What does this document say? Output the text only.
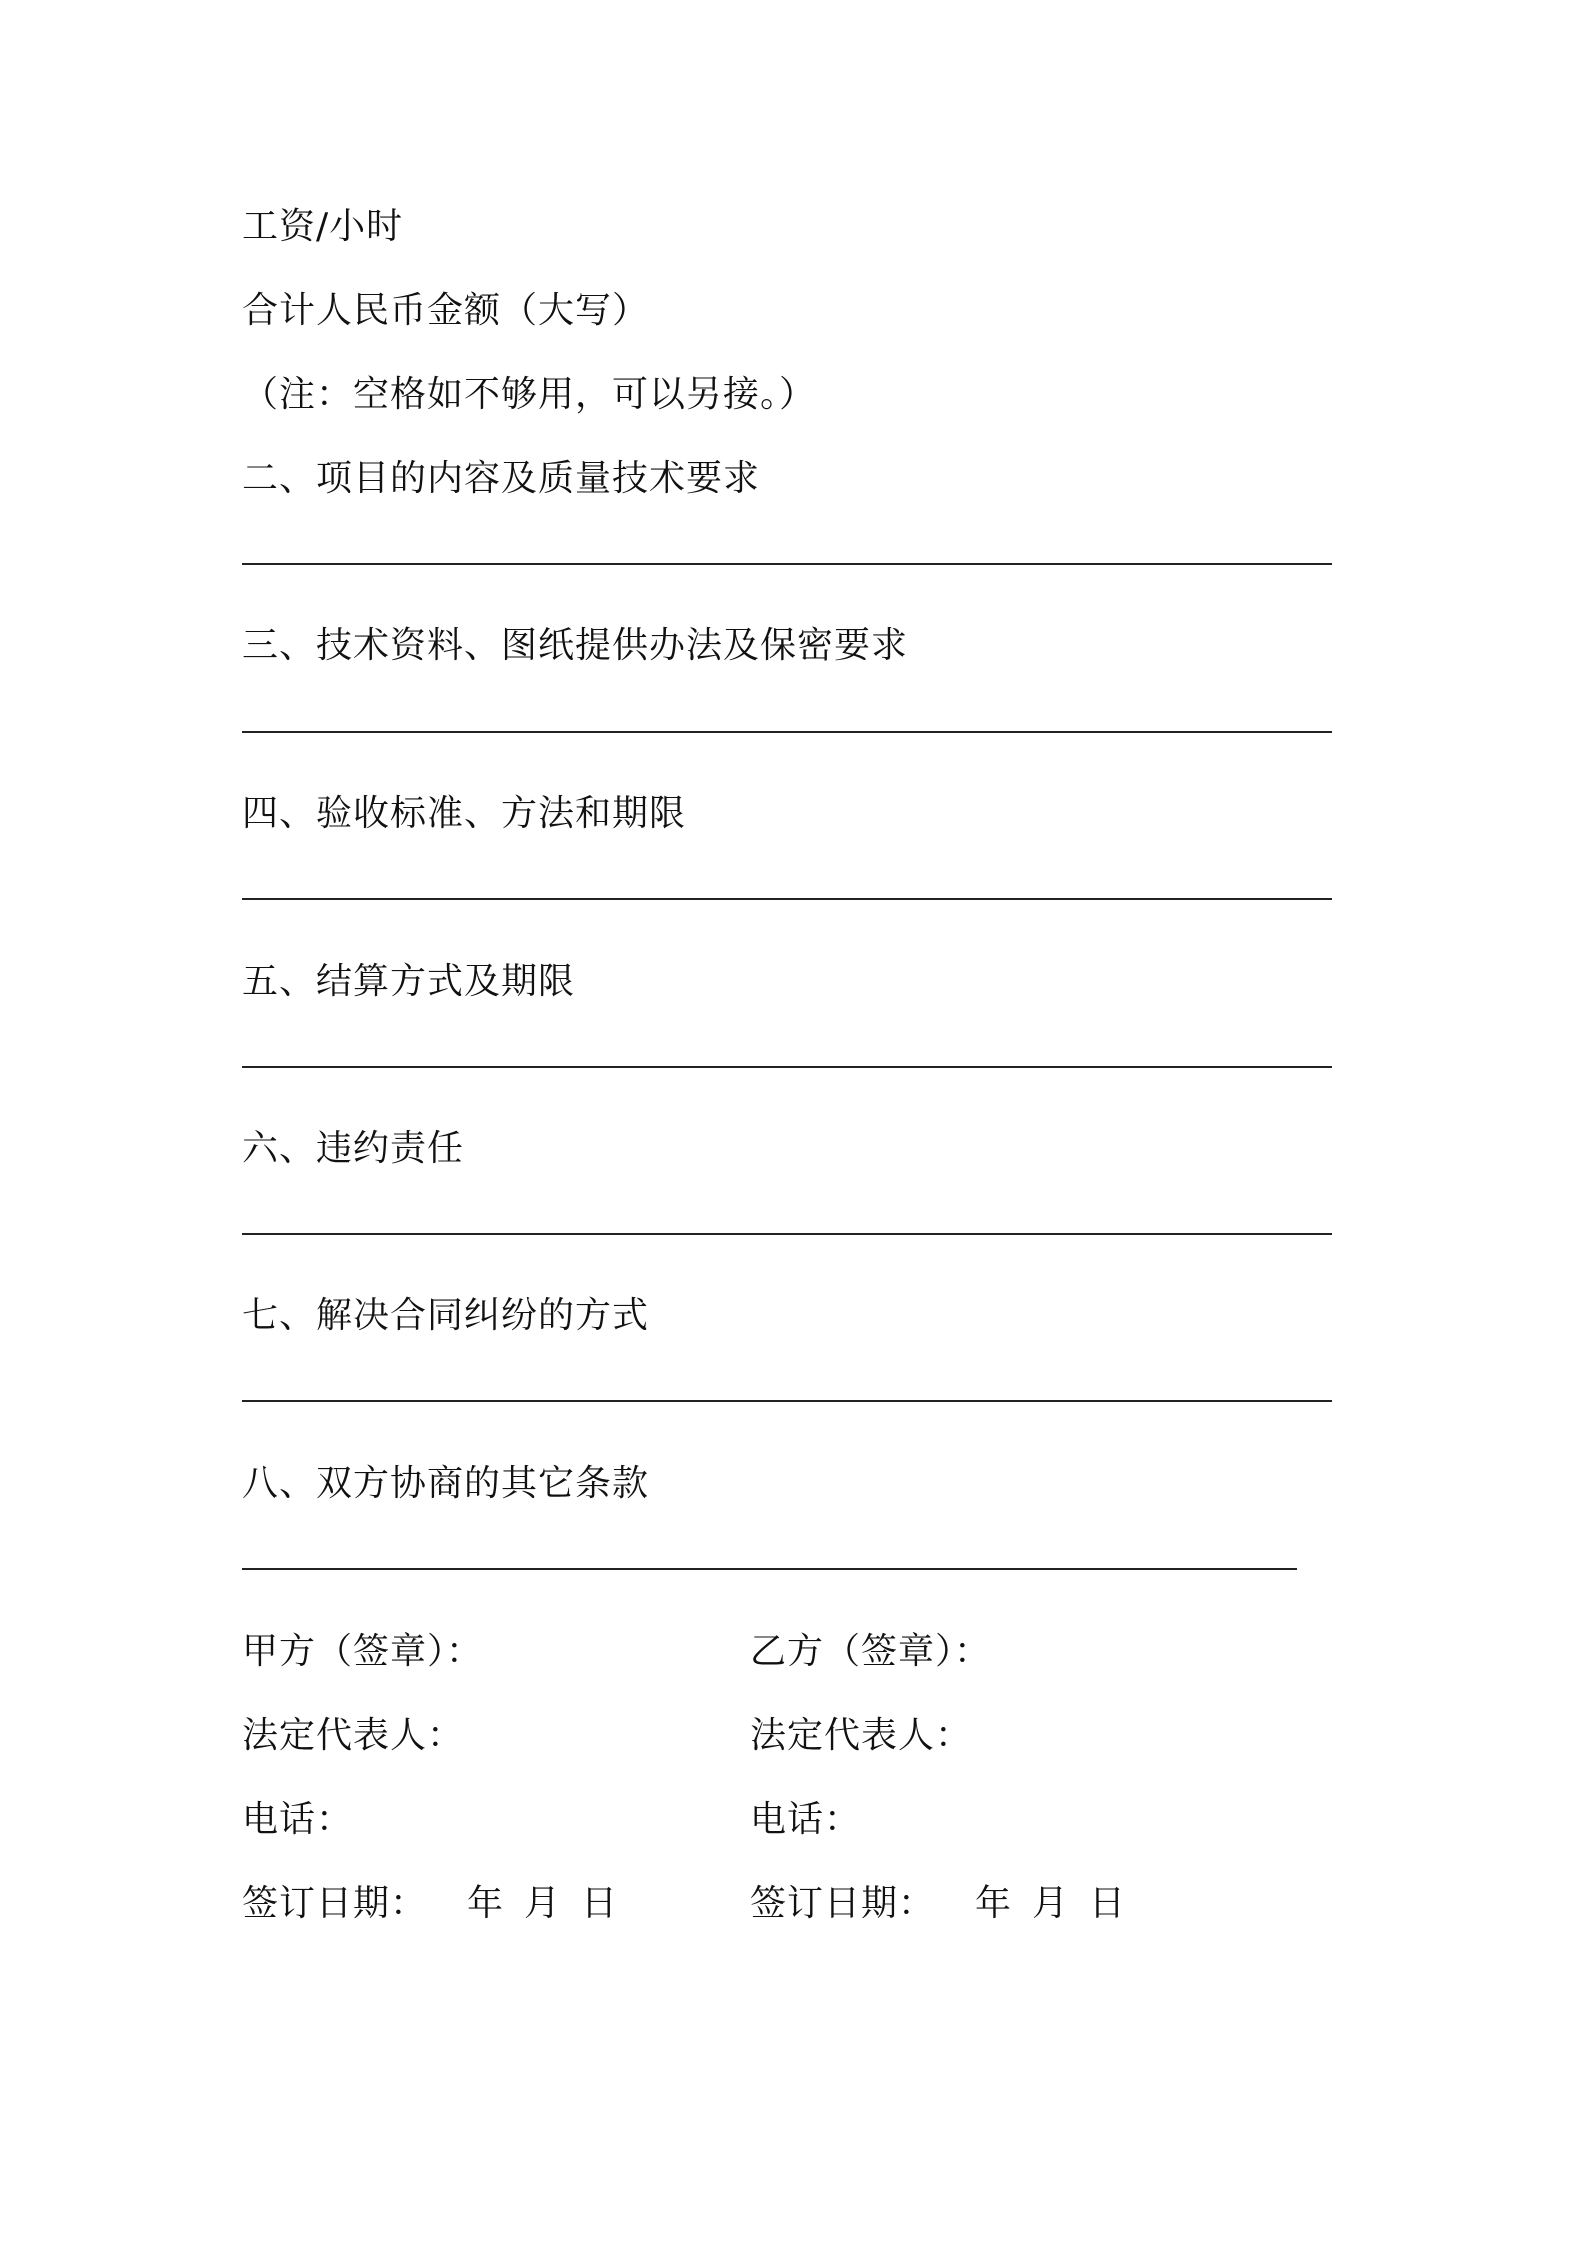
工资/小时
合计人民币金额（大写）
（注：空格如不够用，可以另接。）
二、项目的内容及质量技术要求
三、技术资料、图纸提供办法及保密要求
四、验收标准、方法和期限
五、结算方式及期限
六、违约责任
七、解决合同纠纷的方式
八、双方协商的其它条款
甲方（签章）：
法定代表人：
电话：
签订日期： 年 月 日
乙方（签章）：
法定代表人：
电话：
签订日期： 年 月 日
